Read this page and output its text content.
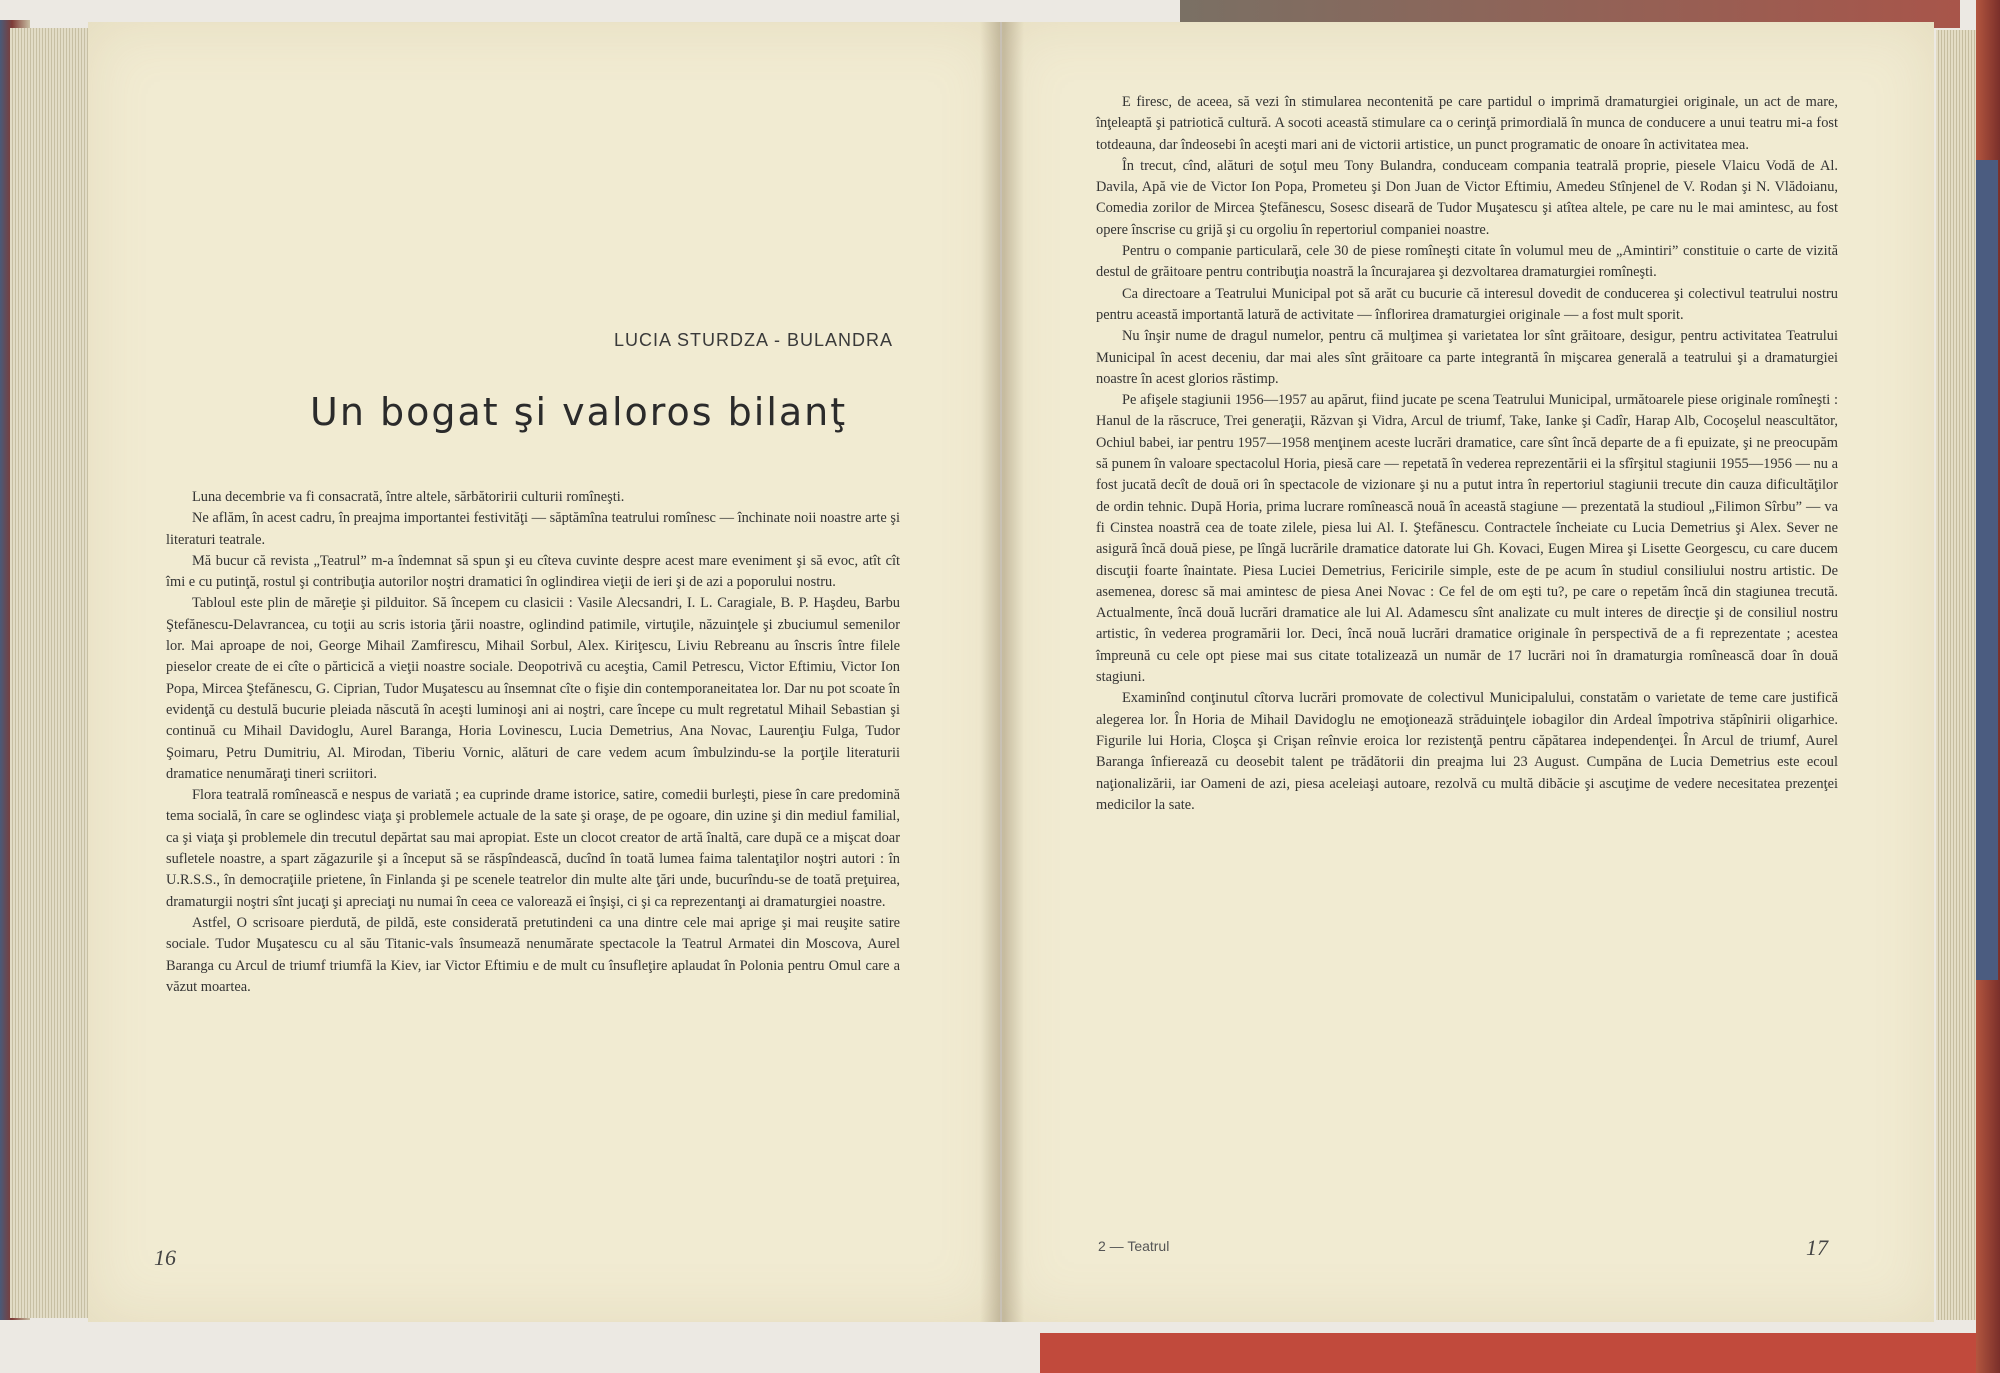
LUCIA STURDZA - BULANDRA
Un bogat şi valoros bilanţ

Luna decembrie va fi consacrată, între altele, sărbătoririi culturii romîneşti.

Ne aflăm, în acest cadru, în preajma importantei festivităţi — săptămîna teatrului romînesc — închinate noii noastre arte şi literaturi teatrale.

Mă bucur că revista „Teatrul” m-a îndemnat să spun şi eu cîteva cuvinte despre acest mare eveniment şi să evoc, atît cît îmi e cu putinţă, rostul şi contribuţia autorilor noştri dramatici în oglindirea vieţii de ieri şi de azi a poporului nostru.

Tabloul este plin de măreţie şi pilduitor. Să începem cu clasicii : Vasile Alecsandri, I. L. Caragiale, B. P. Haşdeu, Barbu Ştefănescu-Delavrancea, cu toţii au scris istoria ţării noastre, oglindind patimile, virtuţile, năzuinţele şi zbuciumul semenilor lor. Mai aproape de noi, George Mihail Zamfirescu, Mihail Sorbul, Alex. Kiriţescu, Liviu Rebreanu au înscris între filele pieselor create de ei cîte o părticică a vieţii noastre sociale. Deopotrivă cu aceştia, Camil Petrescu, Victor Eftimiu, Victor Ion Popa, Mircea Ştefănescu, G. Ciprian, Tudor Muşatescu au însemnat cîte o fişie din contemporaneitatea lor. Dar nu pot scoate în evidenţă cu destulă bucurie pleiada născută în aceşti luminoşi ani ai noştri, care începe cu mult regretatul Mihail Sebastian şi continuă cu Mihail Davidoglu, Aurel Baranga, Horia Lovinescu, Lucia Demetrius, Ana Novac, Laurenţiu Fulga, Tudor Şoimaru, Petru Dumitriu, Al. Mirodan, Tiberiu Vornic, alături de care vedem acum îmbulzindu-se la porţile literaturii dramatice nenumăraţi tineri scriitori.

Flora teatrală romînească e nespus de variată ; ea cuprinde drame istorice, satire, comedii burleşti, piese în care predomină tema socială, în care se oglindesc viaţa şi problemele actuale de la sate şi oraşe, de pe ogoare, din uzine şi din mediul familial, ca şi viaţa şi problemele din trecutul depărtat sau mai apropiat. Este un clocot creator de artă înaltă, care după ce a mişcat doar sufletele noastre, a spart zăgazurile şi a început să se răspîndească, ducînd în toată lumea faima talentaţilor noştri autori : în U.R.S.S., în democraţiile prietene, în Finlanda şi pe scenele teatrelor din multe alte ţări unde, bucurîndu-se de toată preţuirea, dramaturgii noştri sînt jucaţi şi apreciaţi nu numai în ceea ce valorează ei înşişi, ci şi ca reprezentanţi ai dramaturgiei noastre.

Astfel, O scrisoare pierdută, de pildă, este considerată pretutindeni ca una dintre cele mai aprige şi mai reuşite satire sociale. Tudor Muşatescu cu al său Titanic-vals însumează nenumărate spectacole la Teatrul Armatei din Moscova, Aurel Baranga cu Arcul de triumf triumfă la Kiev, iar Victor Eftimiu e de mult cu însufleţire aplaudat în Polonia pentru Omul care a văzut moartea.

16

E firesc, de aceea, să vezi în stimularea necontenită pe care partidul o imprimă dramaturgiei originale, un act de mare, înţeleaptă şi patriotică cultură. A socoti această stimulare ca o cerinţă primordială în munca de conducere a unui teatru mi-a fost totdeauna, dar îndeosebi în aceşti mari ani de victorii artistice, un punct programatic de onoare în activitatea mea.

În trecut, cînd, alături de soţul meu Tony Bulandra, conduceam compania teatrală proprie, piesele Vlaicu Vodă de Al. Davila, Apă vie de Victor Ion Popa, Prometeu şi Don Juan de Victor Eftimiu, Amedeu Stînjenel de V. Rodan şi N. Vlădoianu, Comedia zorilor de Mircea Ştefănescu, Sosesc diseară de Tudor Muşatescu şi atîtea altele, pe care nu le mai amintesc, au fost opere înscrise cu grijă şi cu orgoliu în repertoriul companiei noastre.

Pentru o companie particulară, cele 30 de piese romîneşti citate în volumul meu de „Amintiri” constituie o carte de vizită destul de grăitoare pentru contribuţia noastră la încurajarea şi dezvoltarea dramaturgiei romîneşti.

Ca directoare a Teatrului Municipal pot să arăt cu bucurie că interesul dovedit de conducerea şi colectivul teatrului nostru pentru această importantă latură de activitate — înflorirea dramaturgiei originale — a fost mult sporit.

Nu înşir nume de dragul numelor, pentru că mulţimea şi varietatea lor sînt grăitoare, desigur, pentru activitatea Teatrului Municipal în acest deceniu, dar mai ales sînt grăitoare ca parte integrantă în mişcarea generală a teatrului şi a dramaturgiei noastre în acest glorios răstimp.

Pe afişele stagiunii 1956—1957 au apărut, fiind jucate pe scena Teatrului Municipal, următoarele piese originale romîneşti : Hanul de la răscruce, Trei generaţii, Răzvan şi Vidra, Arcul de triumf, Take, Ianke şi Cadîr, Harap Alb, Cocoşelul neascultător, Ochiul babei, iar pentru 1957—1958 menţinem aceste lucrări dramatice, care sînt încă departe de a fi epuizate, şi ne preocupăm să punem în valoare spectacolul Horia, piesă care — repetată în vederea reprezentării ei la sfîrşitul stagiunii 1955—1956 — nu a fost jucată decît de două ori în spectacole de vizionare şi nu a putut intra în repertoriul stagiunii trecute din cauza dificultăţilor de ordin tehnic. După Horia, prima lucrare romînească nouă în această stagiune — prezentată la studioul „Filimon Sîrbu” — va fi Cinstea noastră cea de toate zilele, piesa lui Al. I. Ştefănescu. Contractele încheiate cu Lucia Demetrius şi Alex. Sever ne asigură încă două piese, pe lîngă lucrările dramatice datorate lui Gh. Kovaci, Eugen Mirea şi Lisette Georgescu, cu care ducem discuţii foarte înaintate. Piesa Luciei Demetrius, Fericirile simple, este de pe acum în studiul consiliului nostru artistic. De asemenea, doresc să mai amintesc de piesa Anei Novac : Ce fel de om eşti tu?, pe care o repetăm încă din stagiunea trecută. Actualmente, încă două lucrări dramatice ale lui Al. Adamescu sînt analizate cu mult interes de direcţie şi de consiliul nostru artistic, în vederea programării lor. Deci, încă nouă lucrări dramatice originale în perspectivă de a fi reprezentate ; acestea împreună cu cele opt piese mai sus citate totalizează un număr de 17 lucrări noi în dramaturgia romînească doar în două stagiuni.

Examinînd conţinutul cîtorva lucrări promovate de colectivul Municipalului, constatăm o varietate de teme care justifică alegerea lor. În Horia de Mihail Davidoglu ne emoţionează străduinţele iobagilor din Ardeal împotriva stăpînirii oligarhice. Figurile lui Horia, Cloşca şi Crişan reînvie eroica lor rezistenţă pentru căpătarea independenţei. În Arcul de triumf, Aurel Baranga înfierează cu deosebit talent pe trădătorii din preajma lui 23 August. Cumpăna de Lucia Demetrius este ecoul naţionalizării, iar Oameni de azi, piesa aceleiaşi autoare, rezolvă cu multă dibăcie şi ascuţime de vedere necesitatea prezenţei medicilor la sate.

2 — Teatrul	17
